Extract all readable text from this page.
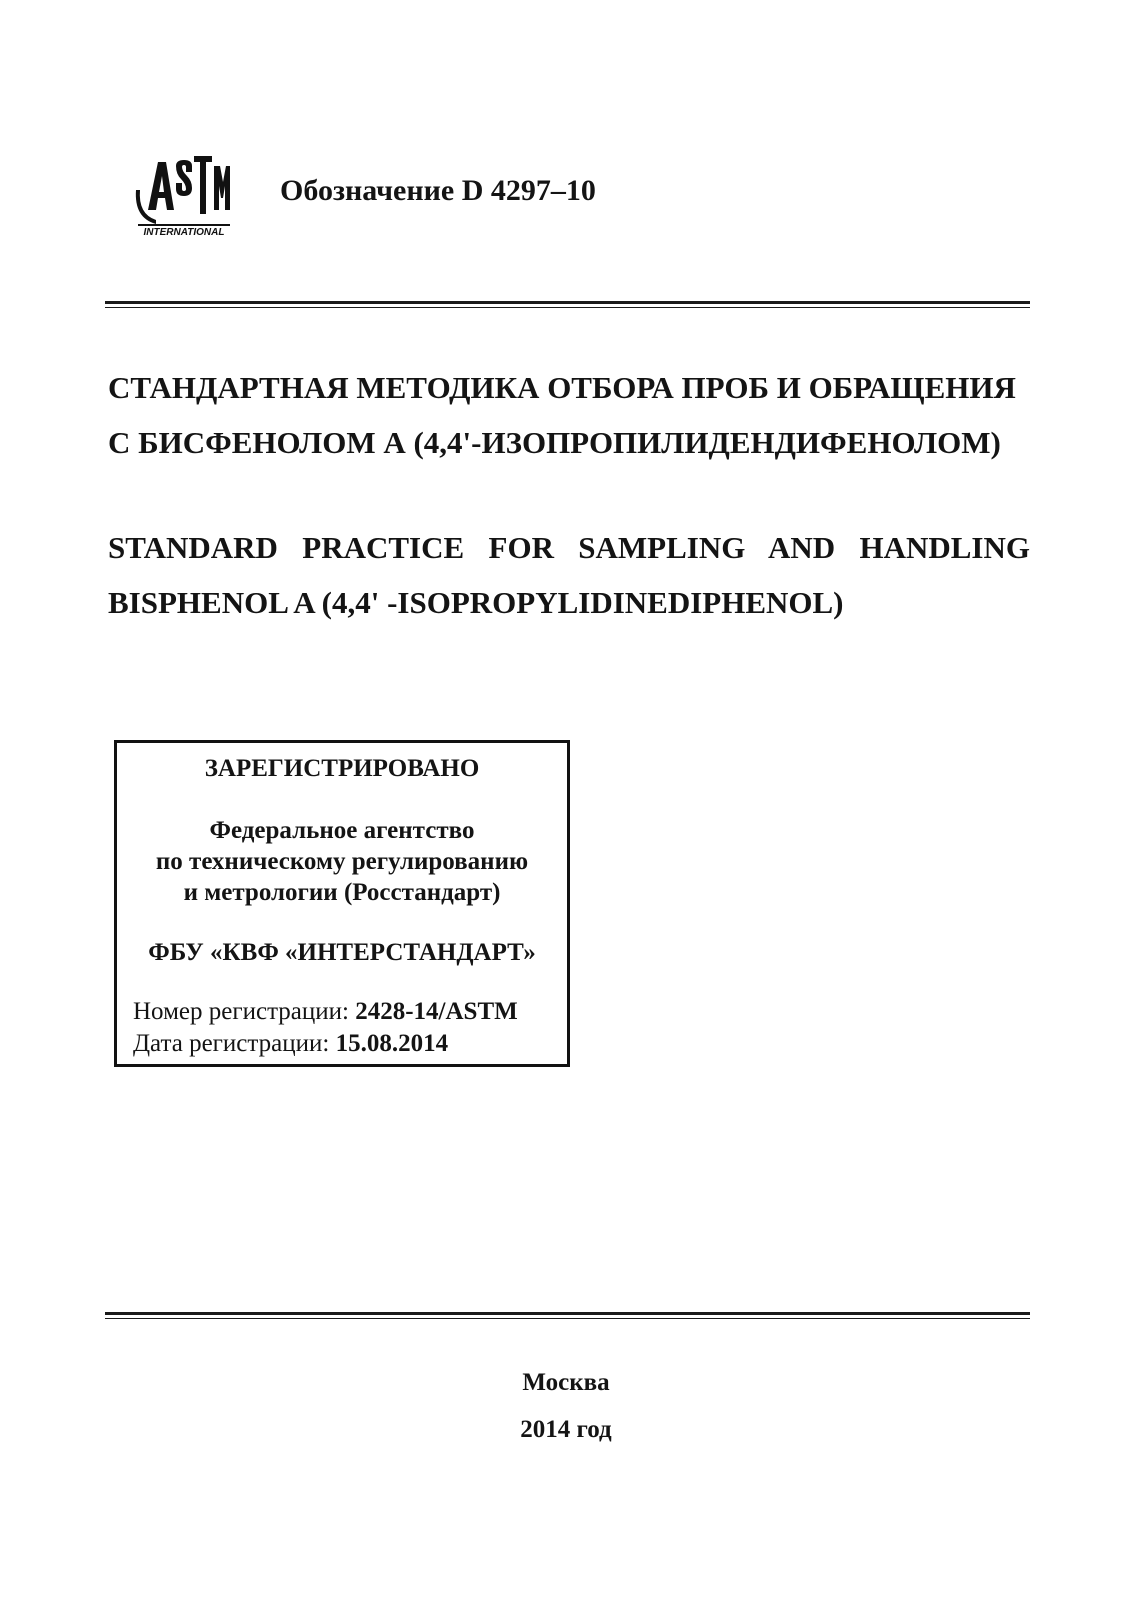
INTERNATIONAL
Обозначение D 4297–10
СТАНДАРТНАЯ МЕТОДИКА ОТБОРА ПРОБ И ОБРАЩЕНИЯ
С БИСФЕНОЛОМ А (4,4'-ИЗОПРОПИЛИДЕНДИФЕНОЛОМ)
STANDARD PRACTICE FOR SAMPLING AND HANDLING
BISPHENOL A (4,4' -ISOPROPYLIDINEDIPHENOL)
ЗАРЕГИСТРИРОВАНО
Федеральное агентство
по техническому регулированию
и метрологии (Росстандарт)
ФБУ «КВФ «ИНТЕРСТАНДАРТ»
Номер регистрации: 2428-14/ASTM
Дата регистрации: 15.08.2014
Москва
2014 год
